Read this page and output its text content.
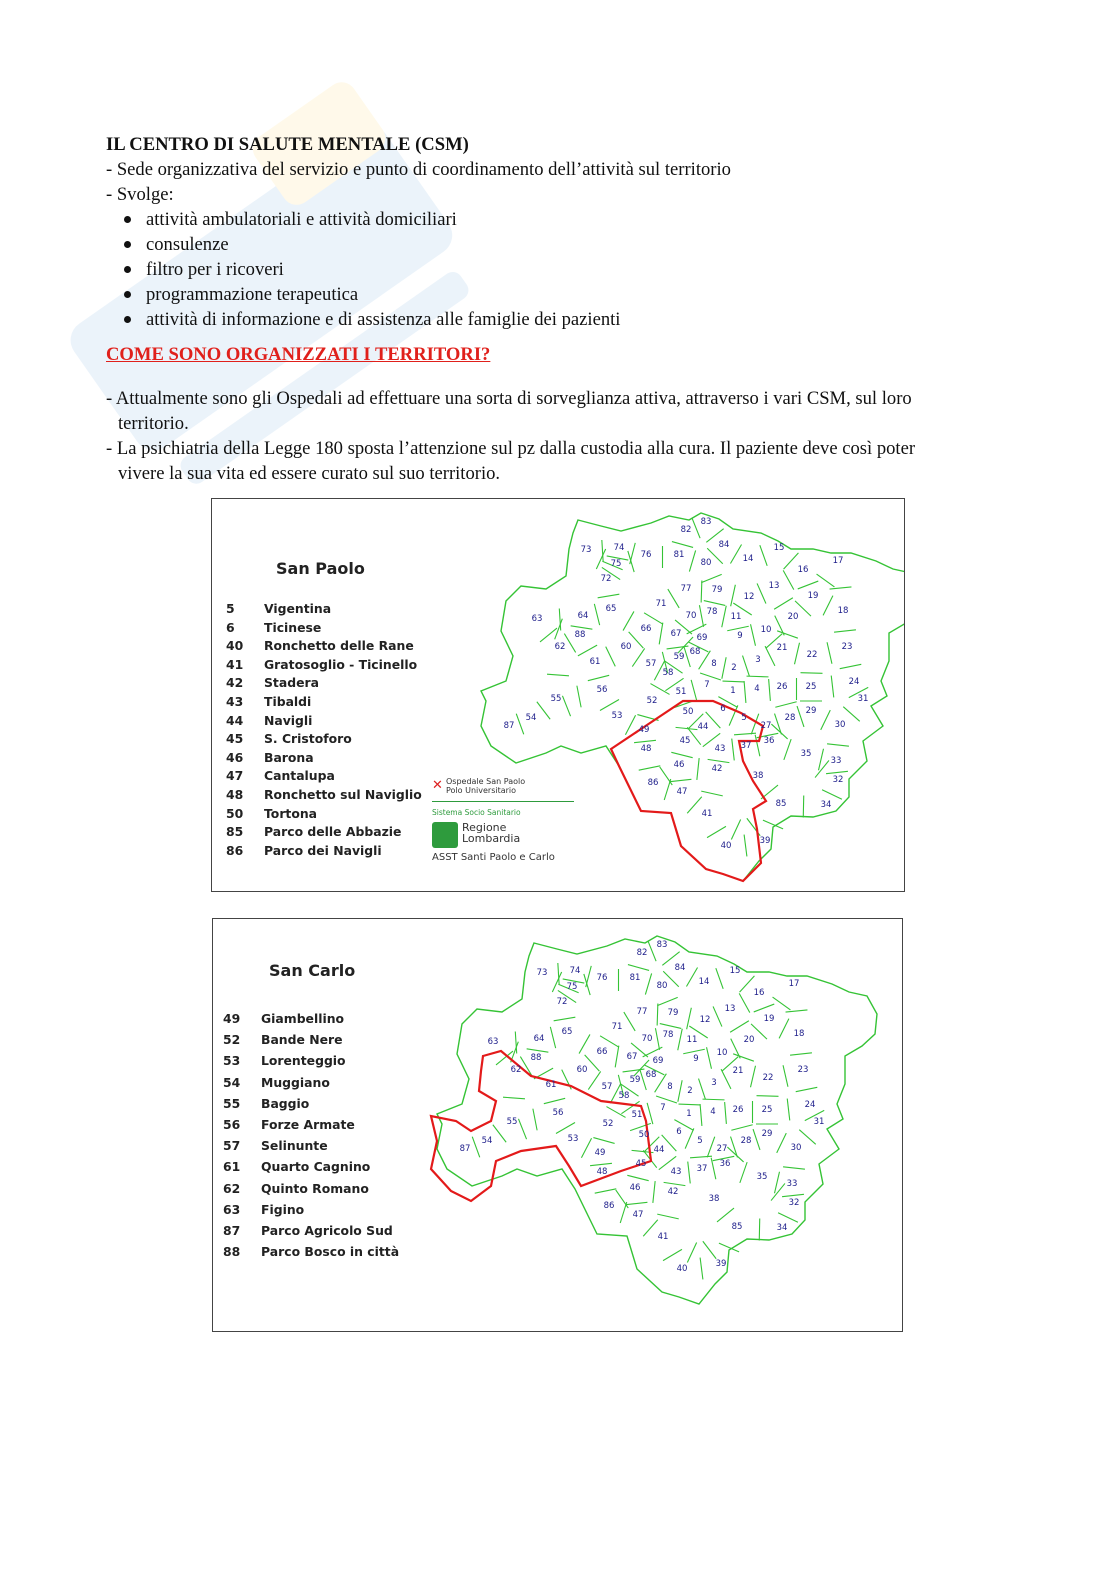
IL CENTRO DI SALUTE MENTALE (CSM)

- Sede organizzativa del servizio e punto di coordinamento dell’attività sul territorio

- Svolge:

attività ambulatoriali e attività domiciliari
consulenze
filtro per i ricoveri
programmazione terapeutica
attività di informazione e di assistenza alle famiglie dei pazienti

COME SONO ORGANIZZATI I TERRITORI?

- Attualmente sono gli Ospedali ad effettuare una sorta di sorveglianza attiva, attraverso i vari CSM, sul loro

territorio.

- La psichiatria della Legge 180 sposta l’attenzione sul pz dalla custodia alla cura. Il paziente deve così poter

vivere la sua vita ed essere curato sul suo territorio.

San Paolo
5	Vigentina
6	Ticinese
40	Ronchetto delle Rane
41	Gratosoglio - Ticinello
42	Stadera
43	Tibaldi
44	Navigli
45	S. Cristoforo
46	Barona
47	Cantalupa
48	Ronchetto sul Naviglio
50	Tortona
85	Parco delle Abbazie
86	Parco dei Navigli
1
2
3
4
5
6
7
8
9
10
11
12
13
14
15
16
17
18
19
20
21
22
23
24
25
26
27
28
29
30
31
32
33
34
35
36
37
38
39
40
41
42
43
44
45
46
47
48
49
50
51
52
53
54
55
56
57
58
59
60
61
62
63	64
65
66 67
68
69
70
71
72
73	74
75
76
77
78
79
80
81
82
83
84
85
86
87
88
✕ Ospedale San Paolo
Polo Universitario
Sistema Socio Sanitario
Regione
Lombardia
ASST Santi Paolo e Carlo
San Carlo
49	Giambellino
52	Bande Nere
53	Lorenteggio
54	Muggiano
55	Baggio
56	Forze Armate
57	Selinunte
61	Quarto Cagnino
62	Quinto Romano
63	Figino
87	Parco Agricolo Sud
88	Parco Bosco in città
1
2
3
4
5
6
7
8
9
10
11
12
13
14
15
16
17
18
19
20
21
22
23
24
25
26
27
28
29
30
31
32
33
34
35
36
37
38
39
40
41
42
43
44
45
46
47
48
49
50
51
52
53
54
55
56
57
58
59
60
61
62
63	64
65
66 67
68
69
70
71
72
73	74
75
76
77
78
79
80
81
82
83
84
85
86
87
88
